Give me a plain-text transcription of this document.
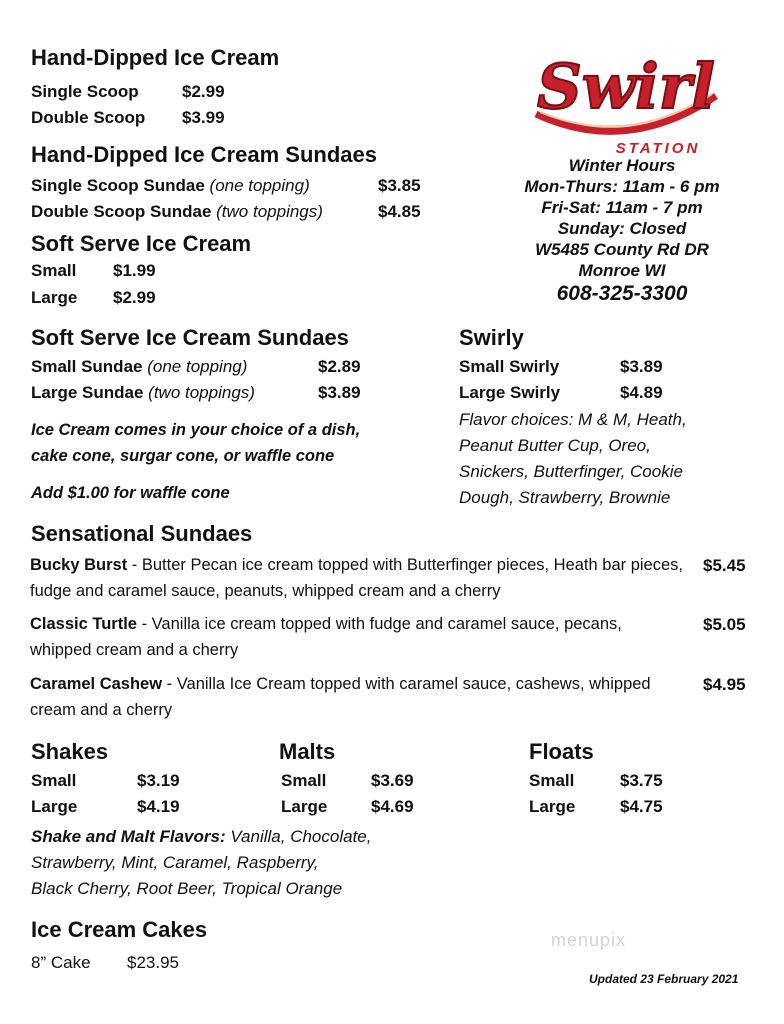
Swirl
STATION
Winter Hours
Mon-Thurs: 11am - 6 pm
Fri-Sat: 11am - 7 pm
Sunday: Closed
W5485 County Rd DR
Monroe WI
608-325-3300
Hand-Dipped Ice Cream
Single Scoop	$2.99
Double Scoop $3.99
Hand-Dipped Ice Cream Sundaes
Single Scoop Sundae (one topping)	$3.85
Double Scoop Sundae (two toppings)	$4.85
Soft Serve Ice Cream
Small $1.99
Large $2.99
Soft Serve Ice Cream Sundaes
Small Sundae (one topping)	$2.89
Large Sundae (two toppings)	$3.89
Ice Cream comes in your choice of a dish,
cake cone, surgar cone, or waffle cone
Add $1.00 for waffle cone
Swirly
Small Swirly	$3.89
Large Swirly	$4.89
Flavor choices: M & M, Heath,
Peanut Butter Cup, Oreo,
Snickers, Butterfinger, Cookie
Dough, Strawberry, Brownie
Sensational Sundaes
Bucky Burst - Butter Pecan ice cream topped with Butterfinger pieces, Heath bar pieces, fudge and caramel sauce, peanuts, whipped cream and a cherry
$5.45
Classic Turtle - Vanilla ice cream topped with fudge and caramel sauce, pecans, whipped cream and a cherry
$5.05
Caramel Cashew - Vanilla Ice Cream topped with caramel sauce, cashews, whipped cream and a cherry
$4.95
Shakes
Small	$3.19
Large	$4.19
Malts
Small	$3.69
Large	$4.69
Floats
Small	$3.75
Large	$4.75
Shake and Malt Flavors: Vanilla, Chocolate,
Strawberry, Mint, Caramel, Raspberry,
Black Cherry, Root Beer, Tropical Orange
Ice Cream Cakes
8” Cake $23.95
menupix
Updated 23 February 2021
